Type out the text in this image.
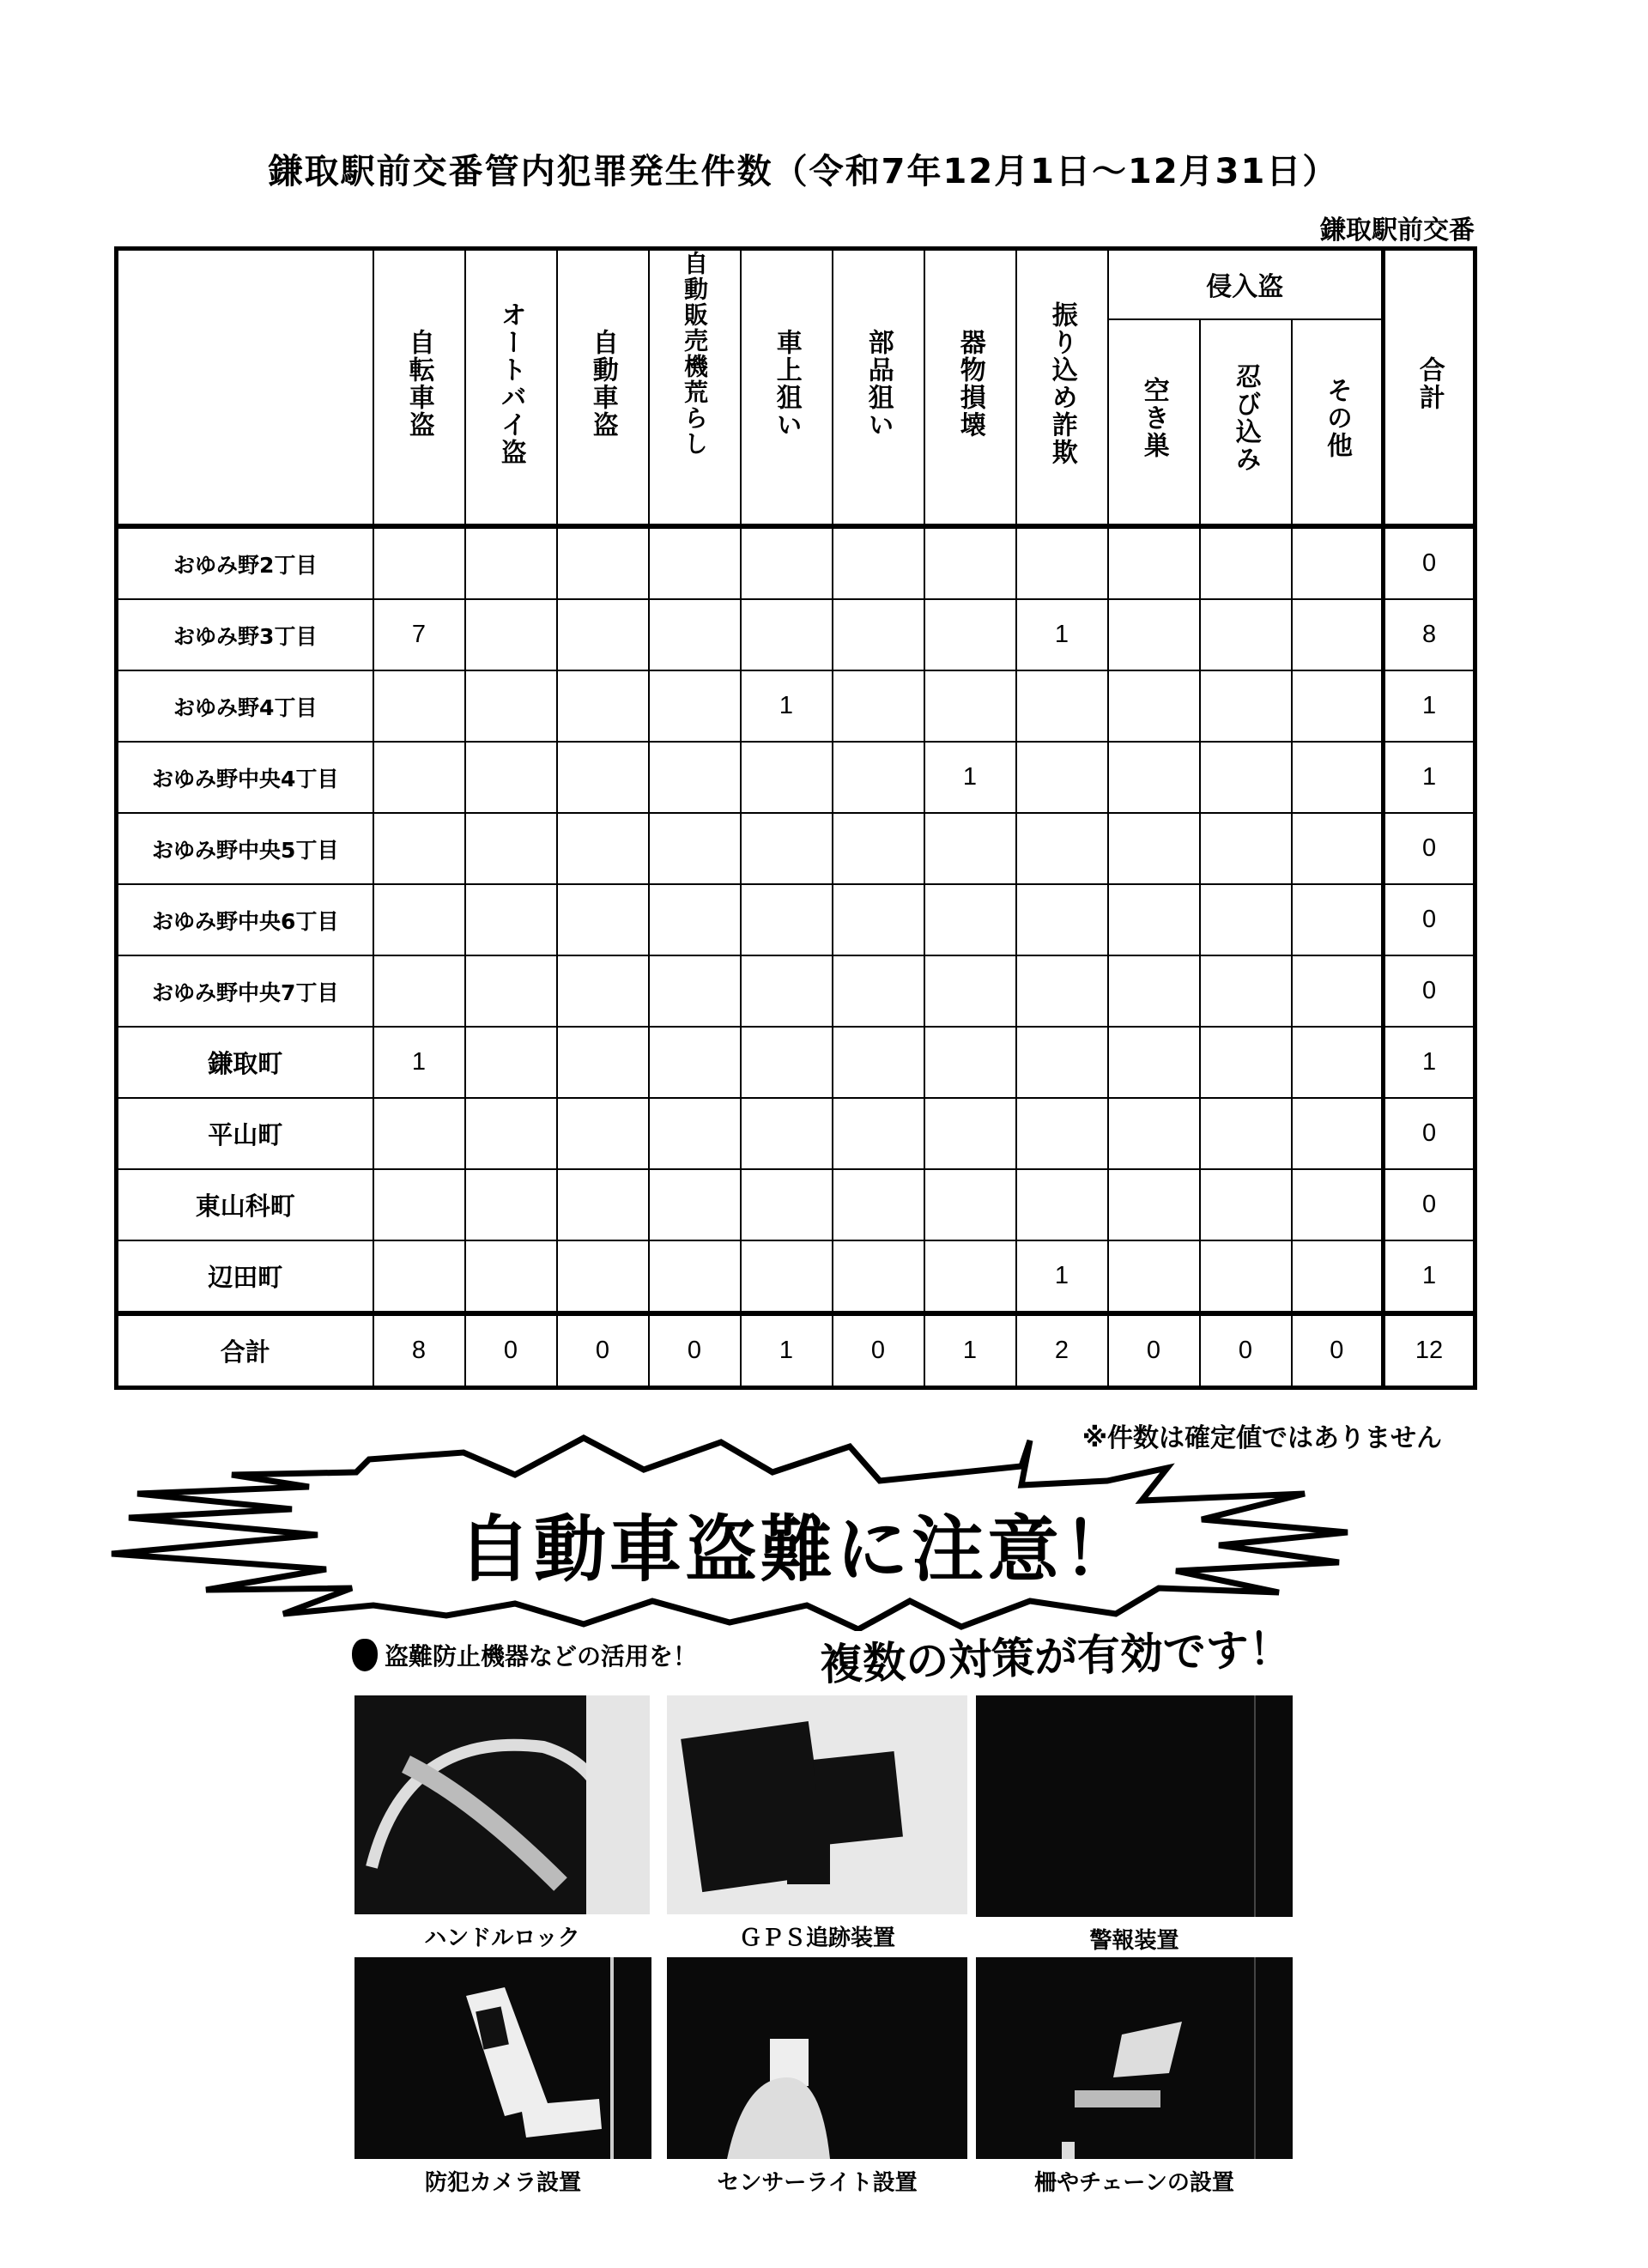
鎌取駅前交番管内犯罪発生件数（令和7年12月1日～12月31日）
鎌取駅前交番
	自転車盗	オートバイ盗	自動車盗	自動販売機荒らし	車上狙い	部品狙い	器物損壊	振り込め詐欺	侵入盗			合計
									空き巣	忍び込み	その他	
おゆみ野2丁目												0
おゆみ野3丁目	7							1				8
おゆみ野4丁目					1							1
おゆみ野中央4丁目							1					1
おゆみ野中央5丁目												0
おゆみ野中央6丁目												0
おゆみ野中央7丁目												0
鎌取町	1											1
平山町												0
東山科町												0
辺田町								1				1
合計	8	0	0	0	1	0	1	2	0	0	0	12
※件数は確定値ではありません
自動車盗難に注意！
盗難防止機器などの活用を！	複数の対策が有効です！
ハンドルロック	ＧＰＳ追跡装置	警報装置
防犯カメラ設置	センサーライト設置	柵やチェーンの設置
